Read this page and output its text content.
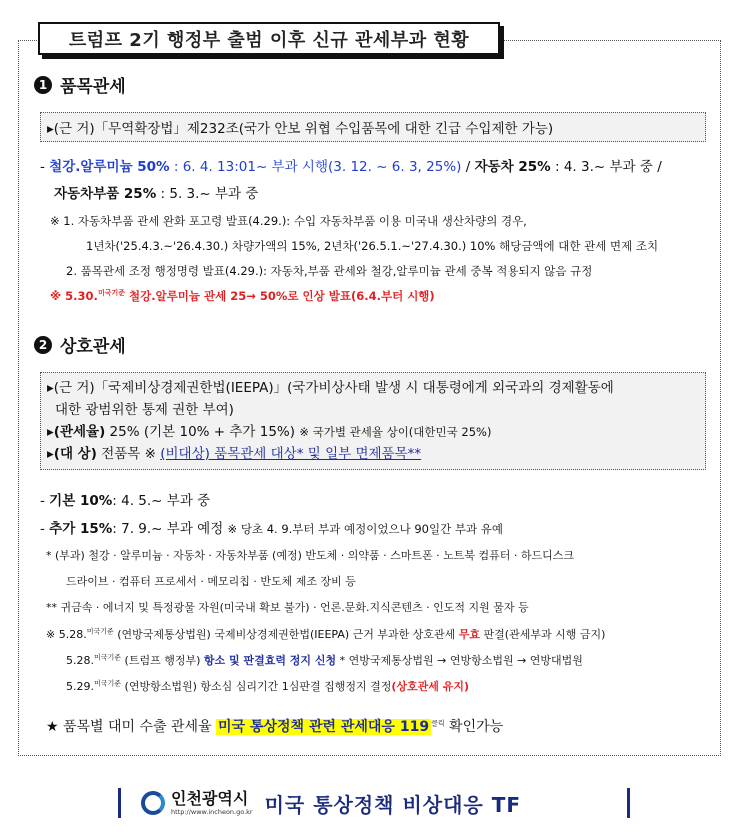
트럼프 2기 행정부 출범 이후 신규 관세부과 현황
1 품목관세
▸(근 거)「무역확장법」제232조(국가 안보 위협 수입품목에 대한 긴급 수입제한 가능)
- 철강.알루미늄 50% : 6. 4. 13:01~ 부과 시행(3. 12. ~ 6. 3, 25%) / 자동차 25% : 4. 3.~ 부과 중 /
자동차부품 25% : 5. 3.~ 부과 중
※ 1. 자동차부품 관세 완화 포고령 발표(4.29.): 수입 자동차부품 이용 미국내 생산차량의 경우,
1년차('25.4.3.~'26.4.30.) 차량가액의 15%, 2년차('26.5.1.~'27.4.30.) 10% 해당금액에 대한 관세 면제 조치
2. 품목관세 조정 행정명령 발표(4.29.): 자동차,부품 관세와 철강,알루미늄 관세 중복 적용되지 않음 규정
※ 5.30.$^{미국기준}$ 철강.알루미늄 관세 25→ 50%로 인상 발표(6.4.부터 시행)
2 상호관세
▸(근 거)「국제비상경제권한법(IEEPA)」(국가비상사태 발생 시 대통령에게 외국과의 경제활동에
대한 광범위한 통제 권한 부여)
▸(관세율) 25% (기본 10% + 추가 15%) ※ 국가별 관세율 상이(대한민국 25%)
▸(대 상) 전품목 ※ (비대상) 품목관세 대상* 및 일부 면제품목**
- 기본 10%: 4. 5.~ 부과 중
- 추가 15%: 7. 9.~ 부과 예정 ※ 당초 4. 9.부터 부과 예정이었으나 90일간 부과 유예
* (부과) 철강 · 알루미늄 · 자동차 · 자동차부품 (예정) 반도체 · 의약품 · 스마트폰 · 노트북 컴퓨터 · 하드디스크
드라이브 · 컴퓨터 프로세서 · 메모리칩 · 반도체 제조 장비 등
** 귀금속 · 에너지 및 특정광물 자원(미국내 확보 불가) · 언론.문화.지식콘텐츠 · 인도적 지원 물자 등
※ 5.28.$^{미국기준}$ (연방국제통상법원) 국제비상경제권한법(IEEPA) 근거 부과한 상호관세 무효 판결(관세부과 시행 금지)
5.28.$^{미국기준}$ (트럼프 행정부) 항소 및 판결효력 정지 신청 * 연방국제통상법원 → 연방항소법원 → 연방대법원
5.29.$^{미국기준}$ (연방항소법원) 항소심 심리기간 1심판결 집행정지 결정(상호관세 유지)
★ 품목별 대미 수출 관세율 미국 통상정책 관련 관세대응 119 $^{클릭}$ 확인가능
인천광역시
http://www.incheon.go.kr 미국 통상정책 비상대응 TF
